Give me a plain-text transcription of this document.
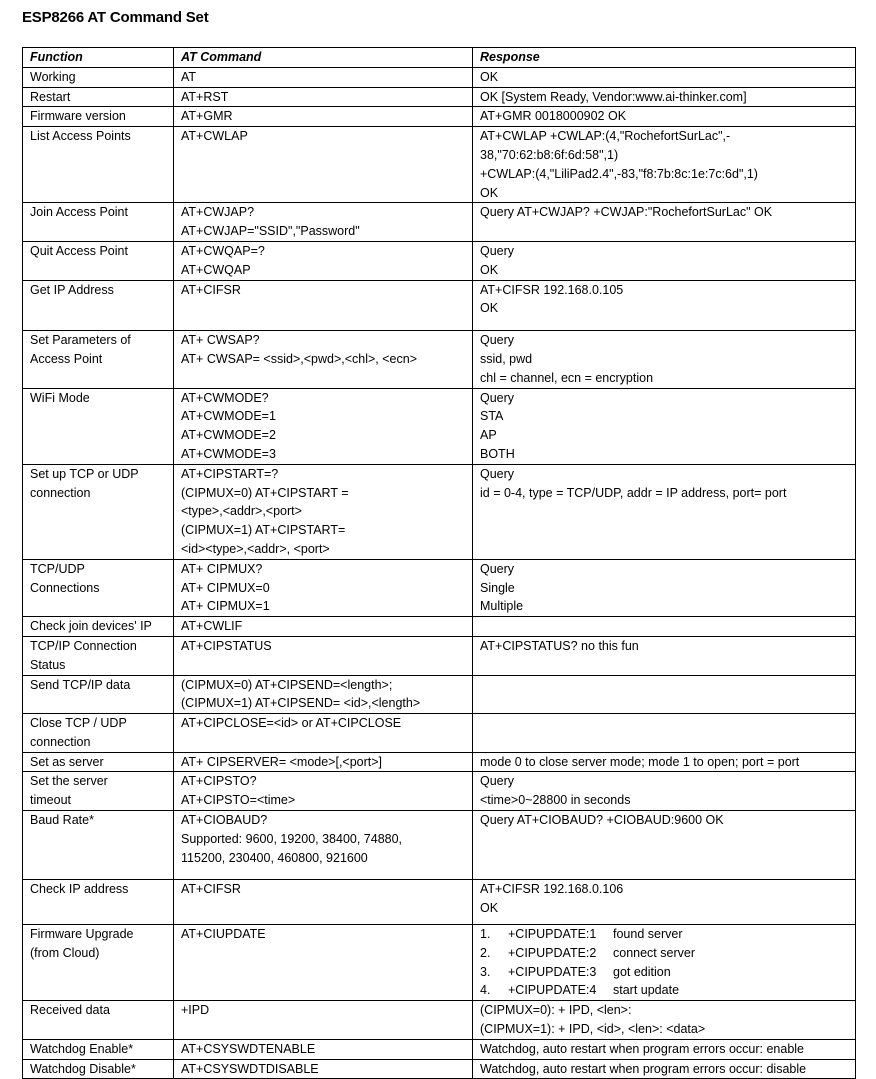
ESP8266 AT Command Set
Function	AT Command	Response

Working	AT	OK

Restart	AT+RST	OK [System Ready, Vendor:www.ai-thinker.com]

Firmware version	AT+GMR	AT+GMR 0018000902 OK

List Access Points	AT+CWLAP	AT+CWLAP +CWLAP:(4,"RochefortSurLac",-
38,"70:62:b8:6f:6d:58",1)
+CWLAP:(4,"LiliPad2.4",-83,"f8:7b:8c:1e:7c:6d",1)
OK

Join Access Point	AT+CWJAP?
AT+CWJAP="SSID","Password"	Query AT+CWJAP? +CWJAP:"RochefortSurLac" OK

Quit Access Point	AT+CWQAP=?
AT+CWQAP	Query
OK

Get IP Address	AT+CIFSR	AT+CIFSR 192.168.0.105
OK

Set Parameters of
Access Point	AT+ CWSAP?
AT+ CWSAP= <ssid>,<pwd>,<chl>, <ecn>	Query
ssid, pwd
chl = channel, ecn = encryption

WiFi Mode	AT+CWMODE?
AT+CWMODE=1
AT+CWMODE=2
AT+CWMODE=3	Query
STA
AP
BOTH

Set up TCP or UDP
connection	AT+CIPSTART=?
(CIPMUX=0) AT+CIPSTART =
<type>,<addr>,<port>
(CIPMUX=1) AT+CIPSTART=
<id><type>,<addr>, <port>	Query
id = 0-4, type = TCP/UDP, addr = IP address, port= port

TCP/UDP
Connections	AT+ CIPMUX?
AT+ CIPMUX=0
AT+ CIPMUX=1	Query
Single
Multiple

Check join devices' IP	AT+CWLIF	

TCP/IP Connection
Status	AT+CIPSTATUS	AT+CIPSTATUS? no this fun

Send TCP/IP data	(CIPMUX=0) AT+CIPSEND=<length>;
(CIPMUX=1) AT+CIPSEND= <id>,<length>	

Close TCP / UDP
connection	AT+CIPCLOSE=<id> or AT+CIPCLOSE	

Set as server	AT+ CIPSERVER= <mode>[,<port>]	mode 0 to close server mode; mode 1 to open; port = port

Set the server
timeout	AT+CIPSTO?
AT+CIPSTO=<time>	Query
<time>0~28800 in seconds

Baud Rate*	AT+CIOBAUD?
Supported: 9600, 19200, 38400, 74880,
115200, 230400, 460800, 921600	Query AT+CIOBAUD? +CIOBAUD:9600 OK

Check IP address	AT+CIFSR	AT+CIFSR 192.168.0.106
OK

Firmware Upgrade
(from Cloud)	AT+CIUPDATE	1. +CIPUPDATE:1 found server
2. +CIPUPDATE:2 connect server
3. +CIPUPDATE:3 got edition
4. +CIPUPDATE:4 start update

Received data	+IPD	(CIPMUX=0): + IPD, <len>:
(CIPMUX=1): + IPD, <id>, <len>: <data>

Watchdog Enable*	AT+CSYSWDTENABLE	Watchdog, auto restart when program errors occur: enable

Watchdog Disable*	AT+CSYSWDTDISABLE	Watchdog, auto restart when program errors occur: disable
